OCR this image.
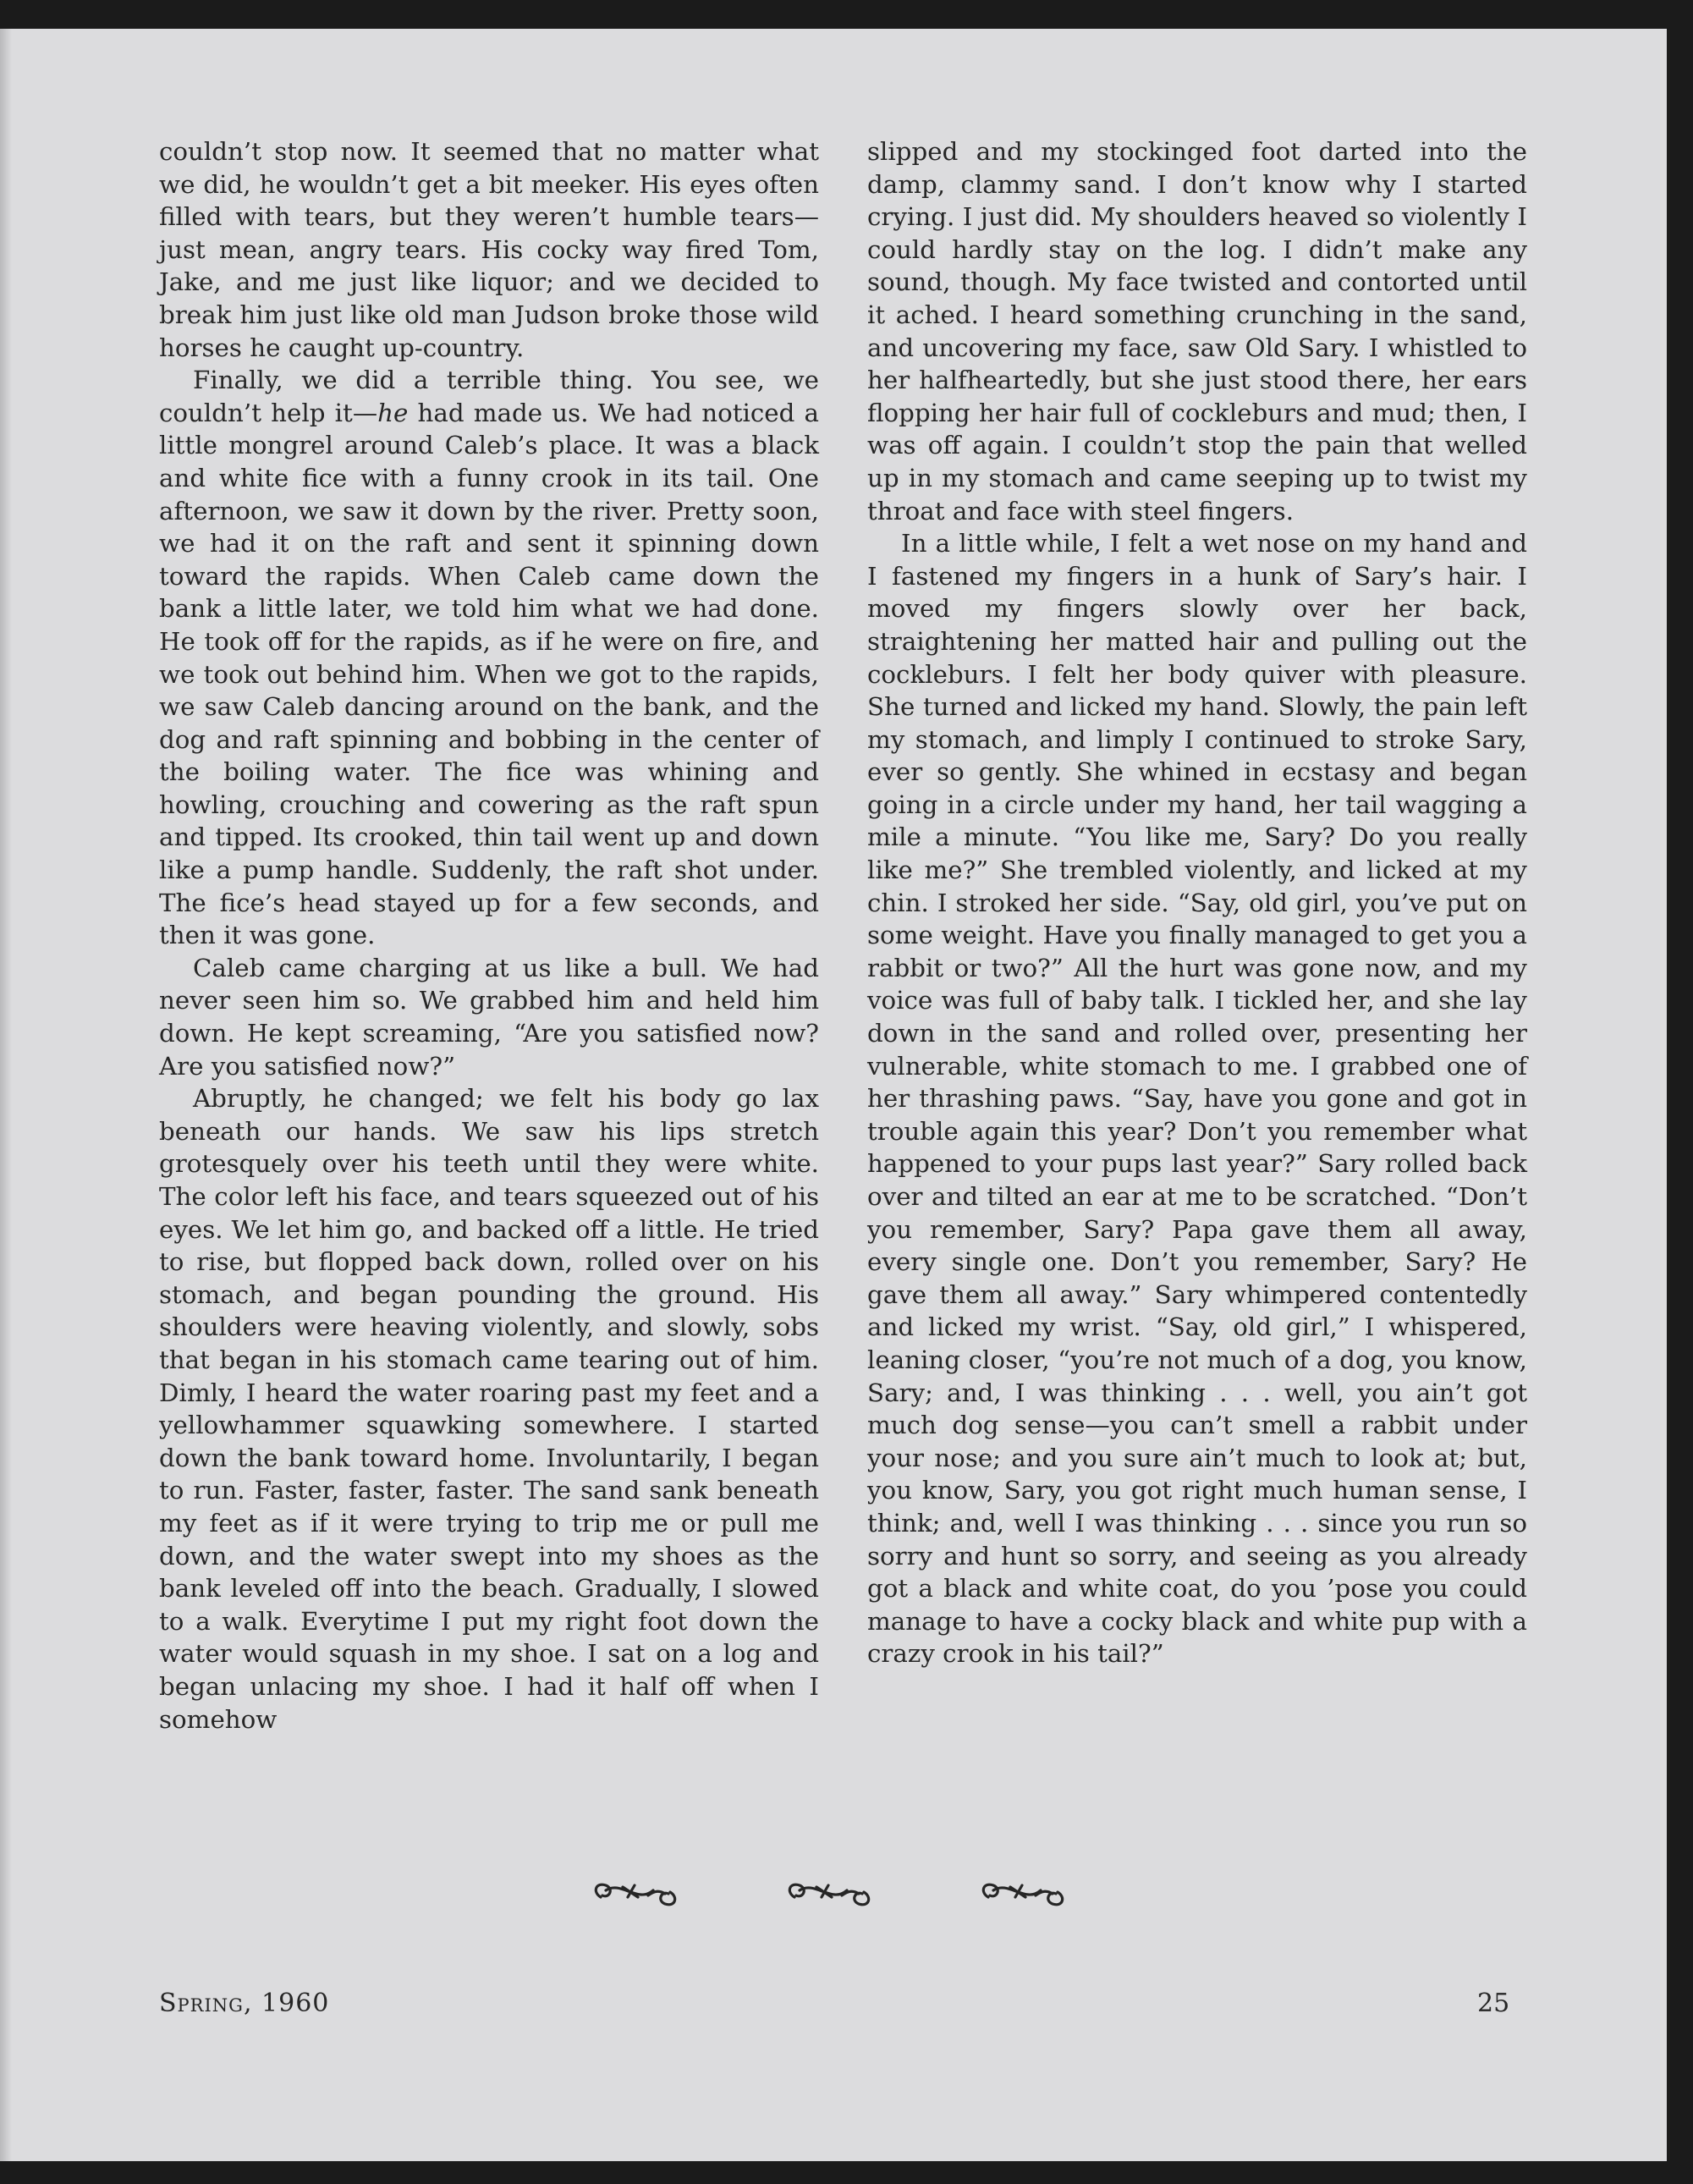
couldn’t stop now. It seemed that no matter what we did, he wouldn’t get a bit meeker. His eyes often filled with tears, but they weren’t humble tears—just mean, angry tears. His cocky way fired Tom, Jake, and me just like liquor; and we decided to break him just like old man Judson broke those wild horses he caught up-country.

Finally, we did a terrible thing. You see, we couldn’t help it—he had made us. We had noticed a little mongrel around Caleb’s place. It was a black and white fice with a funny crook in its tail. One afternoon, we saw it down by the river. Pretty soon, we had it on the raft and sent it spinning down toward the rapids. When Caleb came down the bank a little later, we told him what we had done. He took off for the rapids, as if he were on fire, and we took out behind him. When we got to the rapids, we saw Caleb dancing around on the bank, and the dog and raft spinning and bobbing in the center of the boiling water. The fice was whining and howling, crouching and cowering as the raft spun and tipped. Its crooked, thin tail went up and down like a pump handle. Suddenly, the raft shot under. The fice’s head stayed up for a few seconds, and then it was gone.

Caleb came charging at us like a bull. We had never seen him so. We grabbed him and held him down. He kept screaming, “Are you satisfied now? Are you satisfied now?”

Abruptly, he changed; we felt his body go lax beneath our hands. We saw his lips stretch grotesquely over his teeth until they were white. The color left his face, and tears squeezed out of his eyes. We let him go, and backed off a little. He tried to rise, but flopped back down, rolled over on his stomach, and began pounding the ground. His shoulders were heaving violently, and slowly, sobs that began in his stomach came tearing out of him. Dimly, I heard the water roaring past my feet and a yellowhammer squawking somewhere. I started down the bank toward home. Involuntarily, I began to run. Faster, faster, faster. The sand sank beneath my feet as if it were trying to trip me or pull me down, and the water swept into my shoes as the bank leveled off into the beach. Gradually, I slowed to a walk. Everytime I put my right foot down the water would squash in my shoe. I sat on a log and began unlacing my shoe. I had it half off when I somehow

slipped and my stockinged foot darted into the damp, clammy sand. I don’t know why I started crying. I just did. My shoulders heaved so violently I could hardly stay on the log. I didn’t make any sound, though. My face twisted and contorted until it ached. I heard something crunching in the sand, and uncovering my face, saw Old Sary. I whistled to her halfheartedly, but she just stood there, her ears flopping her hair full of cockleburs and mud; then, I was off again. I couldn’t stop the pain that welled up in my stomach and came seeping up to twist my throat and face with steel fingers.

In a little while, I felt a wet nose on my hand and I fastened my fingers in a hunk of Sary’s hair. I moved my fingers slowly over her back, straightening her matted hair and pulling out the cockleburs. I felt her body quiver with pleasure. She turned and licked my hand. Slowly, the pain left my stomach, and limply I continued to stroke Sary, ever so gently. She whined in ecstasy and began going in a circle under my hand, her tail wagging a mile a minute. “You like me, Sary? Do you really like me?” She trembled violently, and licked at my chin. I stroked her side. “Say, old girl, you’ve put on some weight. Have you finally managed to get you a rabbit or two?” All the hurt was gone now, and my voice was full of baby talk. I tickled her, and she lay down in the sand and rolled over, presenting her vulnerable, white stomach to me. I grabbed one of her thrashing paws. “Say, have you gone and got in trouble again this year? Don’t you remember what happened to your pups last year?” Sary rolled back over and tilted an ear at me to be scratched. “Don’t you remember, Sary? Papa gave them all away, every single one. Don’t you remember, Sary? He gave them all away.” Sary whimpered contentedly and licked my wrist. “Say, old girl,” I whispered, leaning closer, “you’re not much of a dog, you know, Sary; and, I was thinking . . . well, you ain’t got much dog sense—you can’t smell a rabbit under your nose; and you sure ain’t much to look at; but, you know, Sary, you got right much human sense, I think; and, well I was thinking . . . since you run so sorry and hunt so sorry, and seeing as you already got a black and white coat, do you ’pose you could manage to have a cocky black and white pup with a crazy crook in his tail?”

Spring, 1960	25
